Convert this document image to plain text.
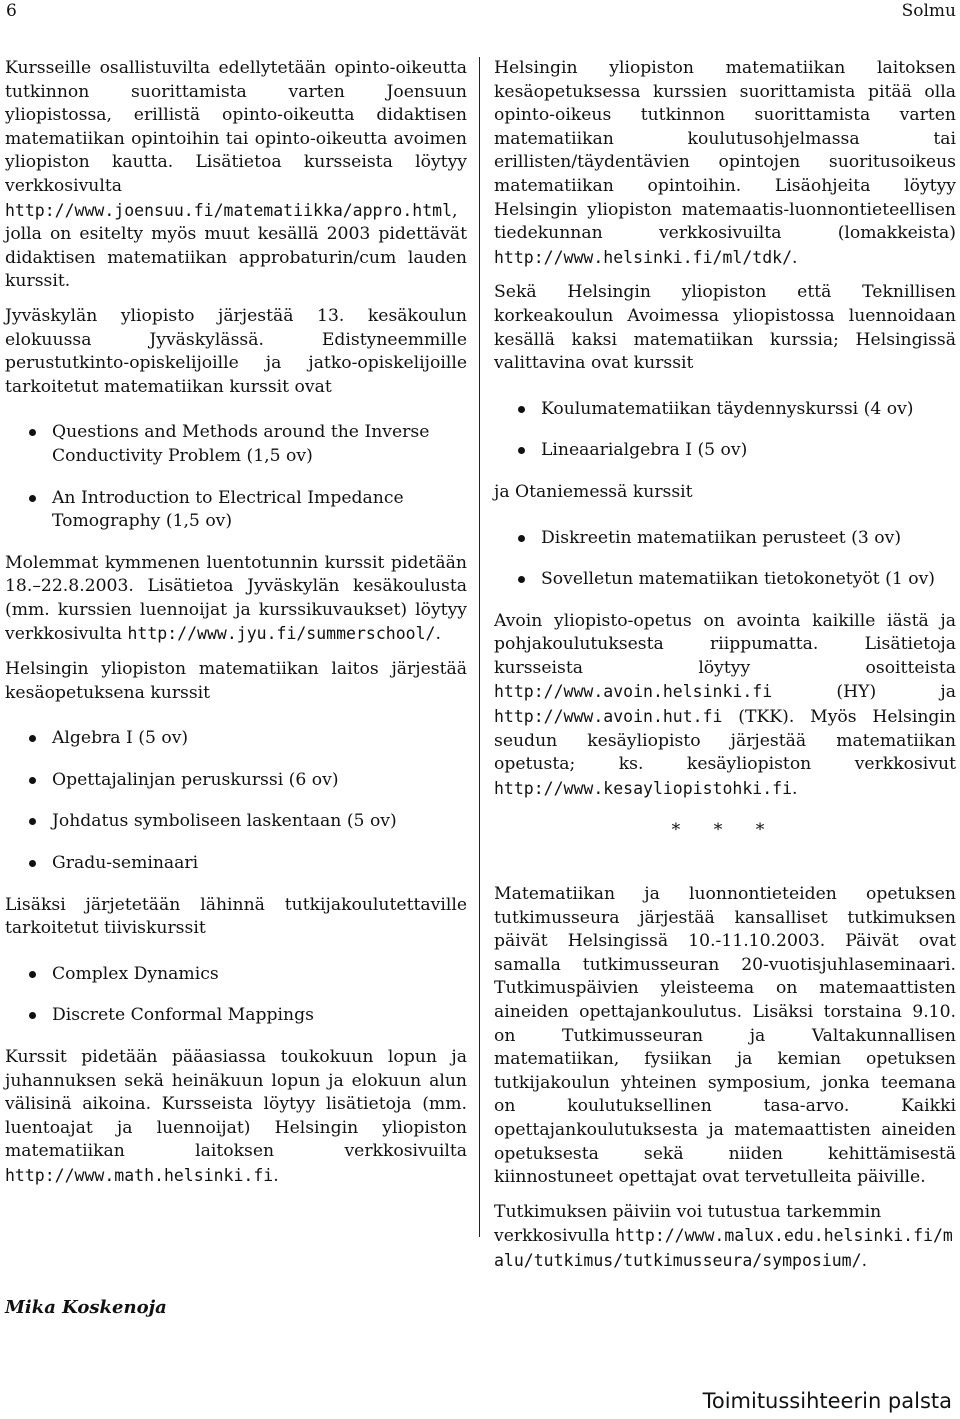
6	Solmu

Kursseille osallistuvilta edellytetään opinto-oikeutta tutkinnon suorittamista varten Joensuun yliopistossa, erillistä opinto-oikeutta didaktisen matematiikan opintoihin tai opinto-oikeutta avoimen yliopiston kautta. Lisätietoa kursseista löytyy verkkosivulta http://www.joensuu.fi/matematiikka/appro.html, jolla on esitelty myös muut kesällä 2003 pidettävät didaktisen matematiikan approbaturin/cum lauden kurssit.

Jyväskylän yliopisto järjestää 13. kesäkoulun elokuussa Jyväskylässä. Edistyneemmille perustutkinto-opiskelijoille ja jatko-opiskelijoille tarkoitetut matematiikan kurssit ovat

Questions and Methods around the Inverse Conductivity Problem (1,5 ov)
An Introduction to Electrical Impedance Tomography (1,5 ov)

Molemmat kymmenen luentotunnin kurssit pidetään 18.–22.8.2003. Lisätietoa Jyväskylän kesäkoulusta (mm. kurssien luennoijat ja kurssikuvaukset) löytyy verkkosivulta http://www.jyu.fi/summerschool/.

Helsingin yliopiston matematiikan laitos järjestää kesäopetuksena kurssit

Algebra I (5 ov)
Opettajalinjan peruskurssi (6 ov)
Johdatus symboliseen laskentaan (5 ov)
Gradu-seminaari

Lisäksi järjetetään lähinnä tutkijakoulutettaville tarkoitetut tiiviskurssit

Complex Dynamics
Discrete Conformal Mappings

Kurssit pidetään pääasiassa toukokuun lopun ja juhannuksen sekä heinäkuun lopun ja elokuun alun välisinä aikoina. Kursseista löytyy lisätietoja (mm. luentoajat ja luennoijat) Helsingin yliopiston matematiikan laitoksen verkkosivuilta http://www.math.helsinki.fi.

Helsingin yliopiston matematiikan laitoksen kesäopetuksessa kurssien suorittamista pitää olla opinto-oikeus tutkinnon suorittamista varten matematiikan koulutusohjelmassa tai erillisten/täydentävien opintojen suoritusoikeus matematiikan opintoihin. Lisäohjeita löytyy Helsingin yliopiston matemaatis-luonnontieteellisen tiedekunnan verkkosivuilta (lomakkeista) http://www.helsinki.fi/ml/tdk/.

Sekä Helsingin yliopiston että Teknillisen korkeakoulun Avoimessa yliopistossa luennoidaan kesällä kaksi matematiikan kurssia; Helsingissä valittavina ovat kurssit

Koulumatematiikan täydennyskurssi (4 ov)
Lineaarialgebra I (5 ov)

ja Otaniemessä kurssit

Diskreetin matematiikan perusteet (3 ov)
Sovelletun matematiikan tietokonetyöt (1 ov)

Avoin yliopisto-opetus on avointa kaikille iästä ja pohjakoulutuksesta riippumatta. Lisätietoja kursseista löytyy osoitteista http://www.avoin.helsinki.fi (HY) ja http://www.avoin.hut.fi (TKK). Myös Helsingin seudun kesäyliopisto järjestää matematiikan opetusta; ks. kesäyliopiston verkkosivut http://www.kesayliopistohki.fi.

* * *

Matematiikan ja luonnontieteiden opetuksen tutkimusseura järjestää kansalliset tutkimuksen päivät Helsingissä 10.-11.10.2003. Päivät ovat samalla tutkimusseuran 20-vuotisjuhlaseminaari. Tutkimuspäivien yleisteema on matemaattisten aineiden opettajankoulutus. Lisäksi torstaina 9.10. on Tutkimusseuran ja Valtakunnallisen matematiikan, fysiikan ja kemian opetuksen tutkijakoulun yhteinen symposium, jonka teemana on koulutuksellinen tasa-arvo. Kaikki opettajankoulutuksesta ja matemaattisten aineiden opetuksesta sekä niiden kehittämisestä kiinnostuneet opettajat ovat tervetulleita päiville.

Tutkimuksen päiviin voi tutustua tarkemmin verkkosivulla http://www.malux.edu.helsinki.fi/malu/tutkimus/tutkimusseura/symposium/.

Mika Koskenoja
Toimitussihteerin palsta
